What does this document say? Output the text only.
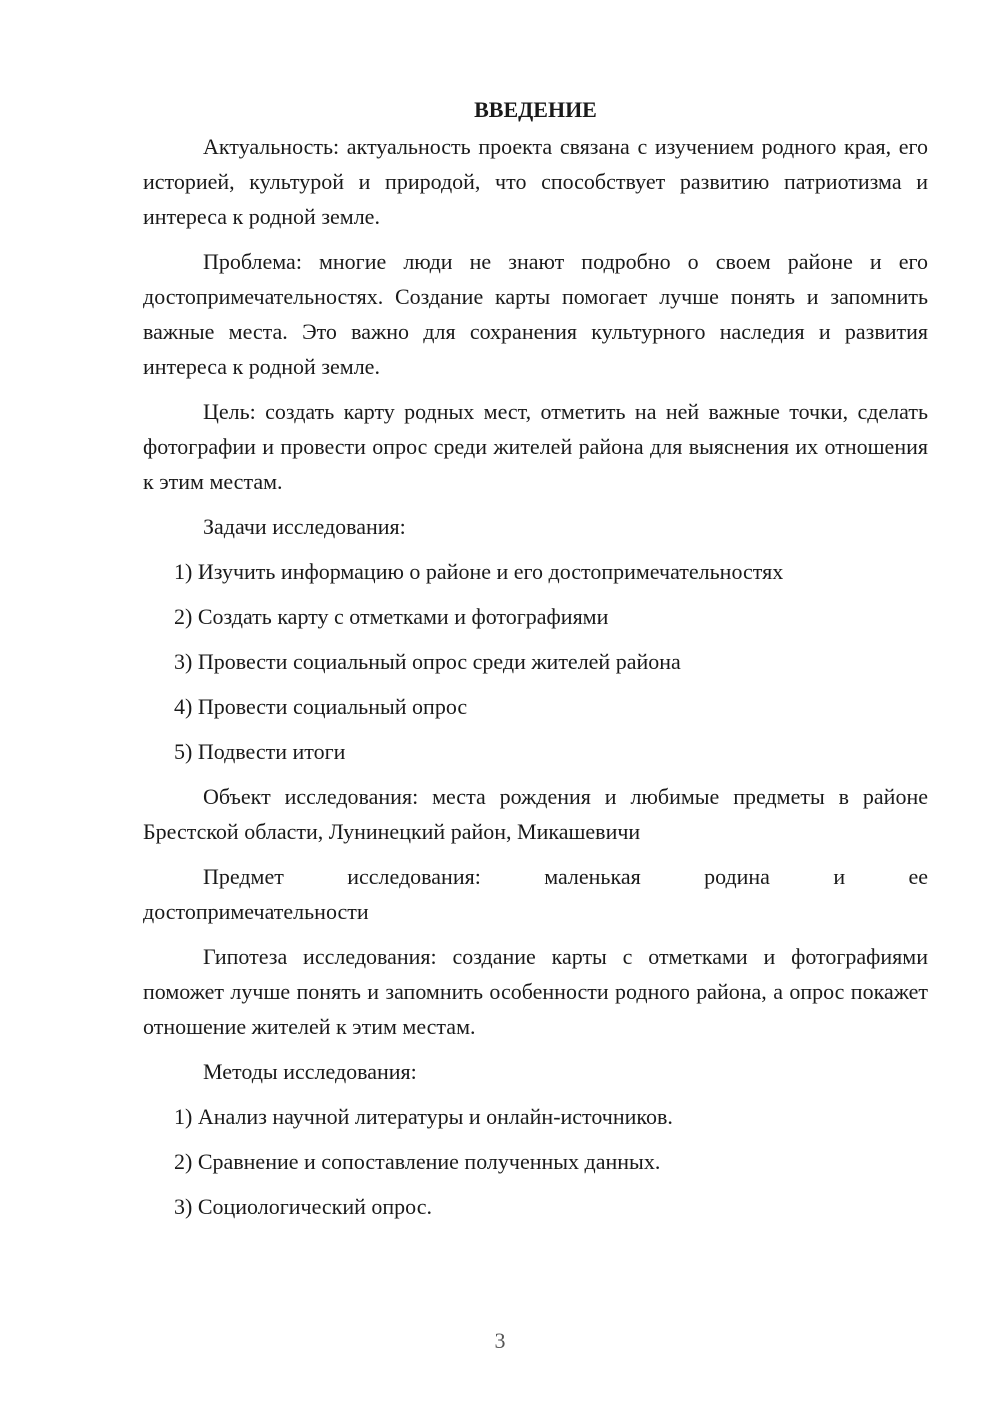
ВВЕДЕНИЕ

Актуальность: актуальность проекта связана с изучением родного края, его историей, культурой и природой, что способствует развитию патриотизма и интереса к родной земле.

Проблема: многие люди не знают подробно о своем районе и его достопримечательностях. Создание карты помогает лучше понять и запомнить важные места. Это важно для сохранения культурного наследия и развития интереса к родной земле.

Цель: создать карту родных мест, отметить на ней важные точки, сделать фотографии и провести опрос среди жителей района для выяснения их отношения к этим местам.

Задачи исследования:

1) Изучить информацию о районе и его достопримечательностях
2) Создать карту с отметками и фотографиями
3) Провести социальный опрос среди жителей района
4) Провести социальный опрос
5) Подвести итоги

Объект исследования: места рождения и любимые предметы в районе Брестской области, Лунинецкий район, Микашевичи

Предмет исследования: маленькая родина и ее
достопримечательности

Гипотеза исследования: создание карты с отметками и фотографиями поможет лучше понять и запомнить особенности родного района, а опрос покажет отношение жителей к этим местам.

Методы исследования:

1) Анализ научной литературы и онлайн-источников.
2) Сравнение и сопоставление полученных данных.
3) Социологический опрос.
3
